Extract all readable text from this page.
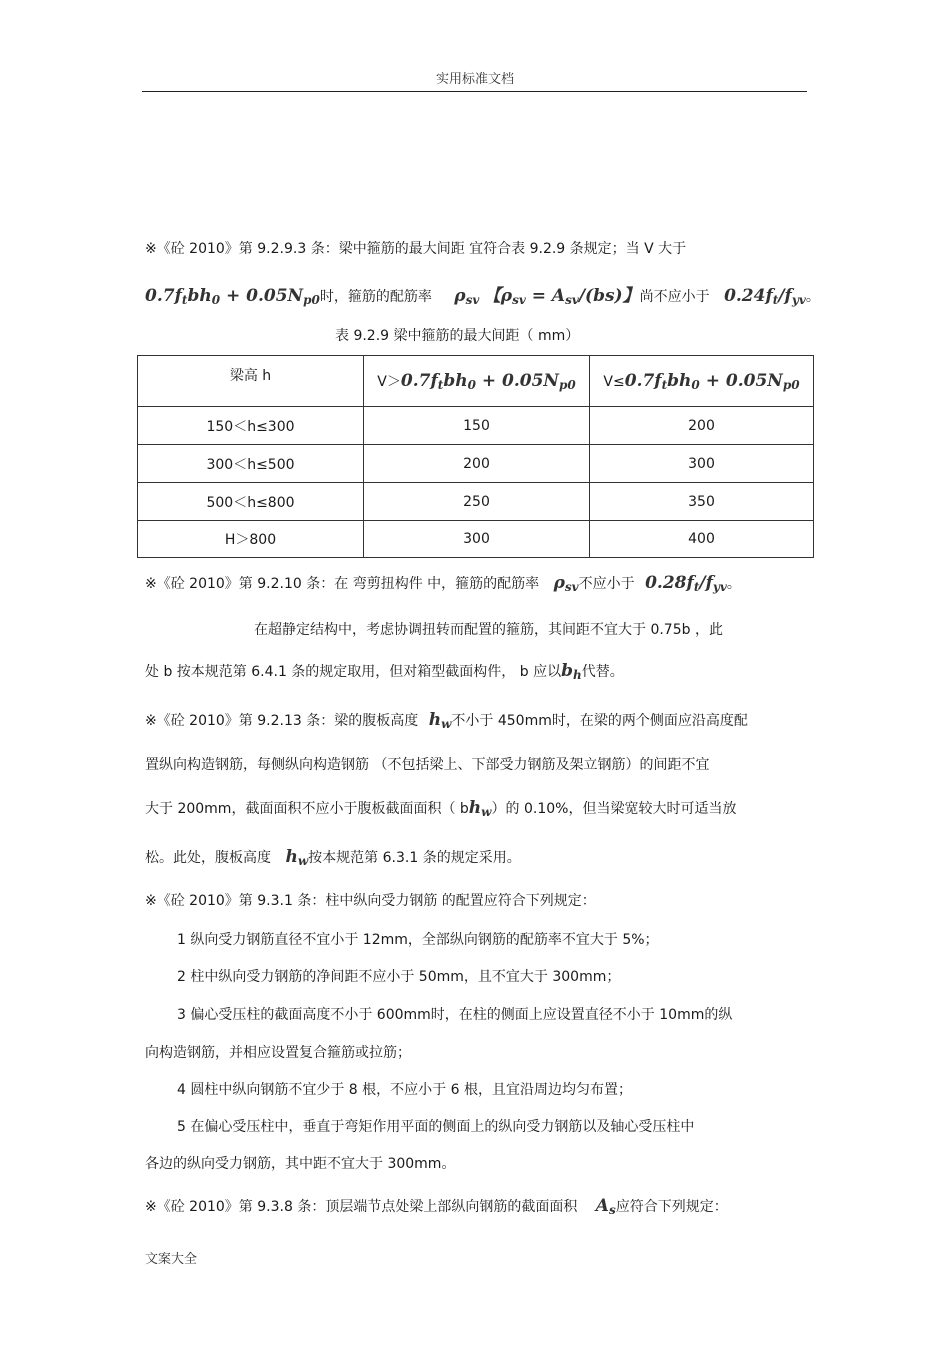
实用标准文档
※《砼 2010》第 9.2.9.3 条：梁中箍筋的最大间距 宜符合表 9.2.9 条规定；当 V 大于
0.7ftbh0 + 0.05Np0时，箍筋的配筋率 ρsv 【ρsv = Asv/(bs)】尚不应小于 0.24ft/fyv。
表 9.2.9 梁中箍筋的最大间距（ mm）
梁高 h	V＞0.7ftbh0 + 0.05Np0	V≤0.7ftbh0 + 0.05Np0
150＜h≤300	150	200
300＜h≤500	200	300
500＜h≤800	250	350
H＞800	300	400
※《砼 2010》第 9.2.10 条：在 弯剪扭构件 中，箍筋的配筋率 ρsv不应小于 0.28ft/fyv。
在超静定结构中，考虑协调扭转而配置的箍筋，其间距不宜大于 0.75b ，此
处 b 按本规范第 6.4.1 条的规定取用，但对箱型截面构件， b 应以bh代替。
※《砼 2010》第 9.2.13 条：梁的腹板高度 hw不小于 450mm时，在梁的两个侧面应沿高度配
置纵向构造钢筋，每侧纵向构造钢筋 （不包括梁上、下部受力钢筋及架立钢筋）的间距不宜
大于 200mm，截面面积不应小于腹板截面面积（ bhw）的 0.10%，但当梁宽较大时可适当放
松。此处，腹板高度 hw按本规范第 6.3.1 条的规定采用。
※《砼 2010》第 9.3.1 条：柱中纵向受力钢筋 的配置应符合下列规定：
1 纵向受力钢筋直径不宜小于 12mm，全部纵向钢筋的配筋率不宜大于 5%；
2 柱中纵向受力钢筋的净间距不应小于 50mm，且不宜大于 300mm；
3 偏心受压柱的截面高度不小于 600mm时，在柱的侧面上应设置直径不小于 10mm的纵
向构造钢筋，并相应设置复合箍筋或拉筋；
4 圆柱中纵向钢筋不宜少于 8 根，不应小于 6 根，且宜沿周边均匀布置；
5 在偏心受压柱中，垂直于弯矩作用平面的侧面上的纵向受力钢筋以及轴心受压柱中
各边的纵向受力钢筋，其中距不宜大于 300mm。
※《砼 2010》第 9.3.8 条：顶层端节点处梁上部纵向钢筋的截面面积 As应符合下列规定：
文案大全
